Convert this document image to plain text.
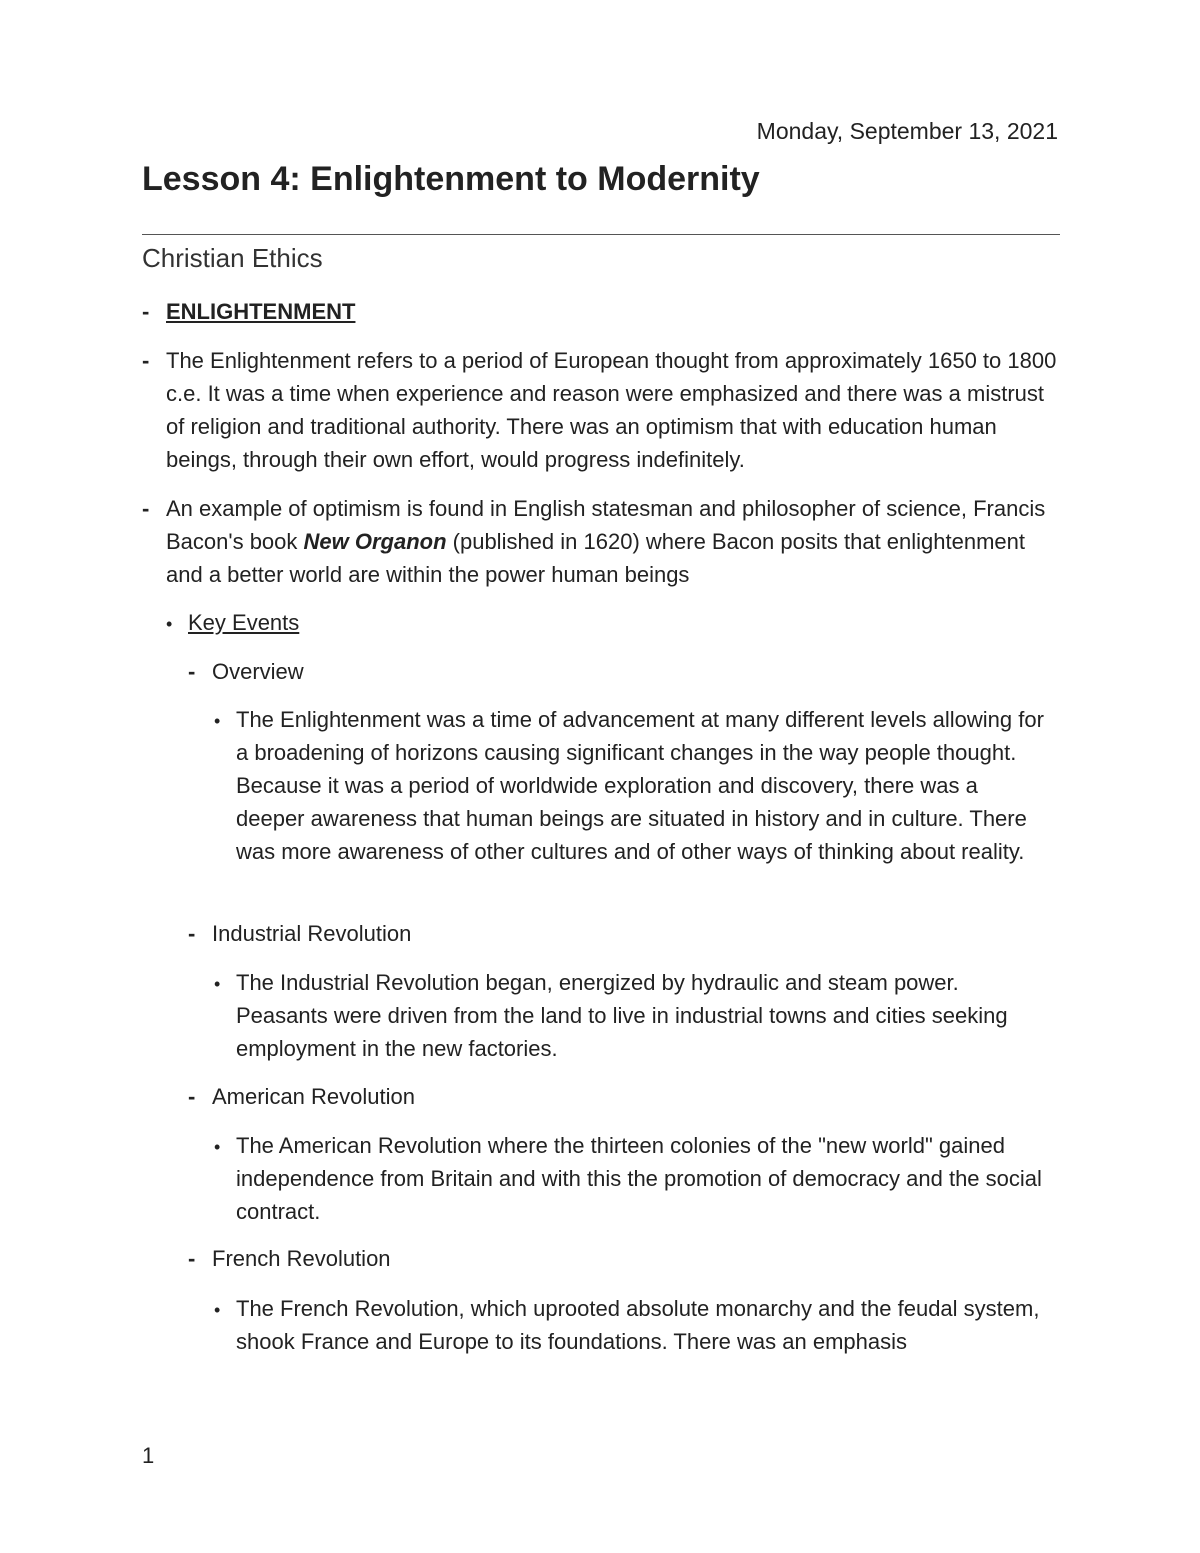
Monday, September 13, 2021
Lesson 4: Enlightenment to Modernity
Christian Ethics
- ENLIGHTENMENT
- The Enlightenment refers to a period of European thought from approximately 1650 to 1800 c.e. It was a time when experience and reason were emphasized and there was a mistrust of religion and traditional authority. There was an optimism that with education human beings, through their own effort, would progress indefinitely.
- An example of optimism is found in English statesman and philosopher of science, Francis Bacon's book New Organon (published in 1620) where Bacon posits that enlightenment and a better world are within the power human beings
• Key Events
- Overview
• The Enlightenment was a time of advancement at many different levels allowing for a broadening of horizons causing significant changes in the way people thought. Because it was a period of worldwide exploration and discovery, there was a deeper awareness that human beings are situated in history and in culture. There was more awareness of other cultures and of other ways of thinking about reality.
- Industrial Revolution
• The Industrial Revolution began, energized by hydraulic and steam power. Peasants were driven from the land to live in industrial towns and cities seeking employment in the new factories.
- American Revolution
• The American Revolution where the thirteen colonies of the "new world" gained independence from Britain and with this the promotion of democracy and the social contract.
- French Revolution
• The French Revolution, which uprooted absolute monarchy and the feudal system, shook France and Europe to its foundations. There was an emphasis
1
